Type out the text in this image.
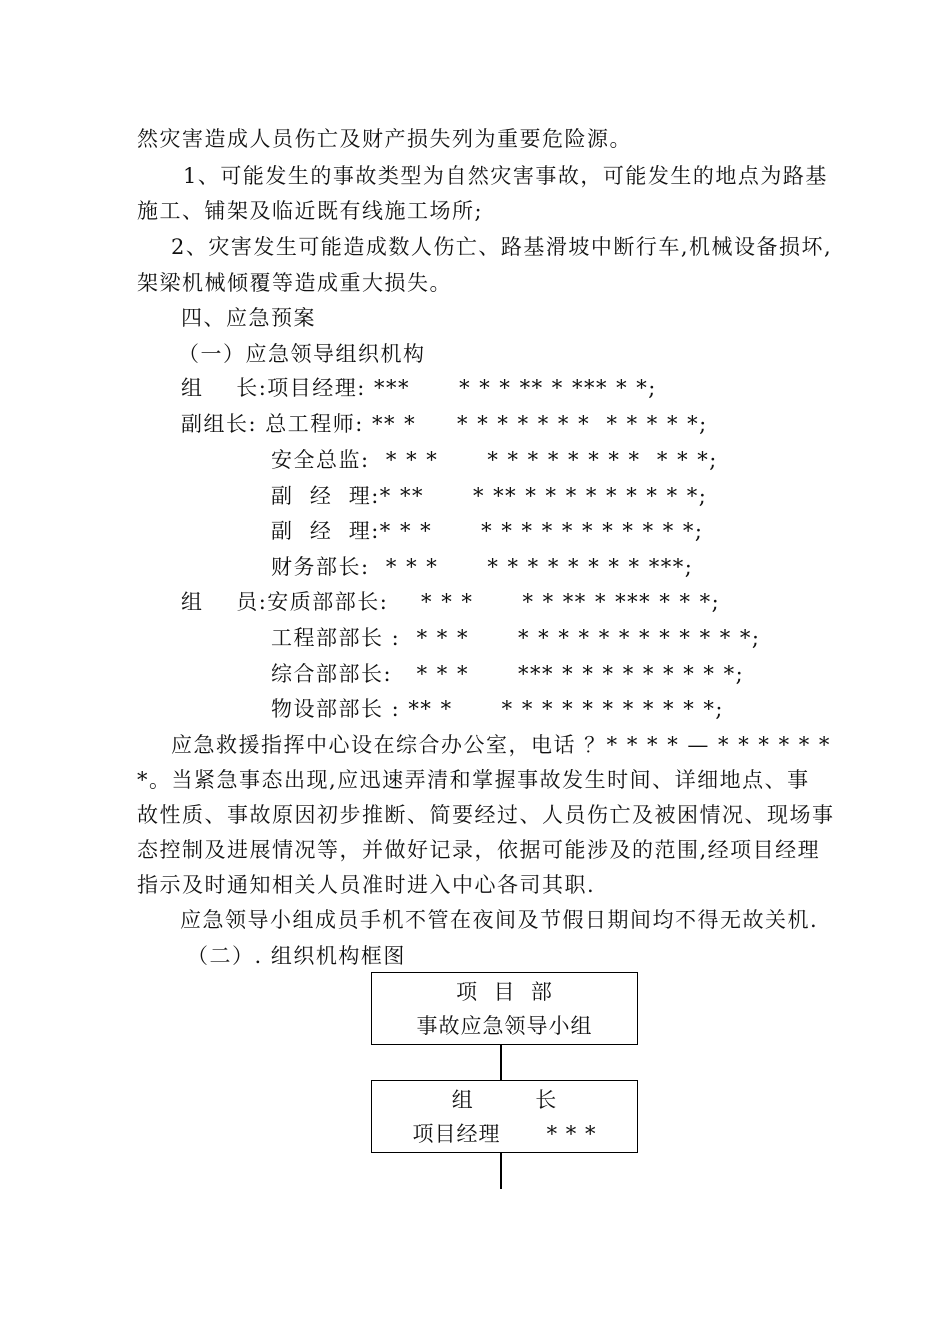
然灾害造成人员伤亡及财产损失列为重要危险源。
1、可能发生的事故类型为自然灾害事故，可能发生的地点为路基
施工、铺架及临近既有线施工场所;
2、灾害发生可能造成数人伤亡、路基滑坡中断行车,机械设备损坏,
架梁机械倾覆等造成重大损失。
四、应急预案
（一）应急领导组织机构
组    长:项目经理: ***      * * * ** * *** * *;
副组长: 总工程师: ** *     * * * * * * *  * * * * *;
安全总监:  * * *      * * * * * * * *  * * *;
副  经  理:* **      * ** * * * * * * * * *;
副  经  理:* * *      * * * * * * * * * * *;
财务部长:  * * *      * * * * * * * * ***;
组    员:安质部部长:    * * *      * * ** * *** * * *;
工程部部长 :  * * *      * * * * * * * * * * * *;
综合部部长:   * * *      *** * * * * * * * * *;
物设部部长 : ** *      * * * * * * * * * * *;
应急救援指挥中心设在综合办公室，电话 ？* * * * — * * * * * *
*。当紧急事态出现,应迅速弄清和掌握事故发生时间、详细地点、事
故性质、事故原因初步推断、简要经过、人员伤亡及被困情况、现场事
态控制及进展情况等，并做好记录，依据可能涉及的范围,经项目经理
指示及时通知相关人员准时进入中心各司其职.
应急领导小组成员手机不管在夜间及节假日期间均不得无故关机.
（二）. 组织机构框图
项  目  部
事故应急领导小组
组        长
项目经理      * * *
